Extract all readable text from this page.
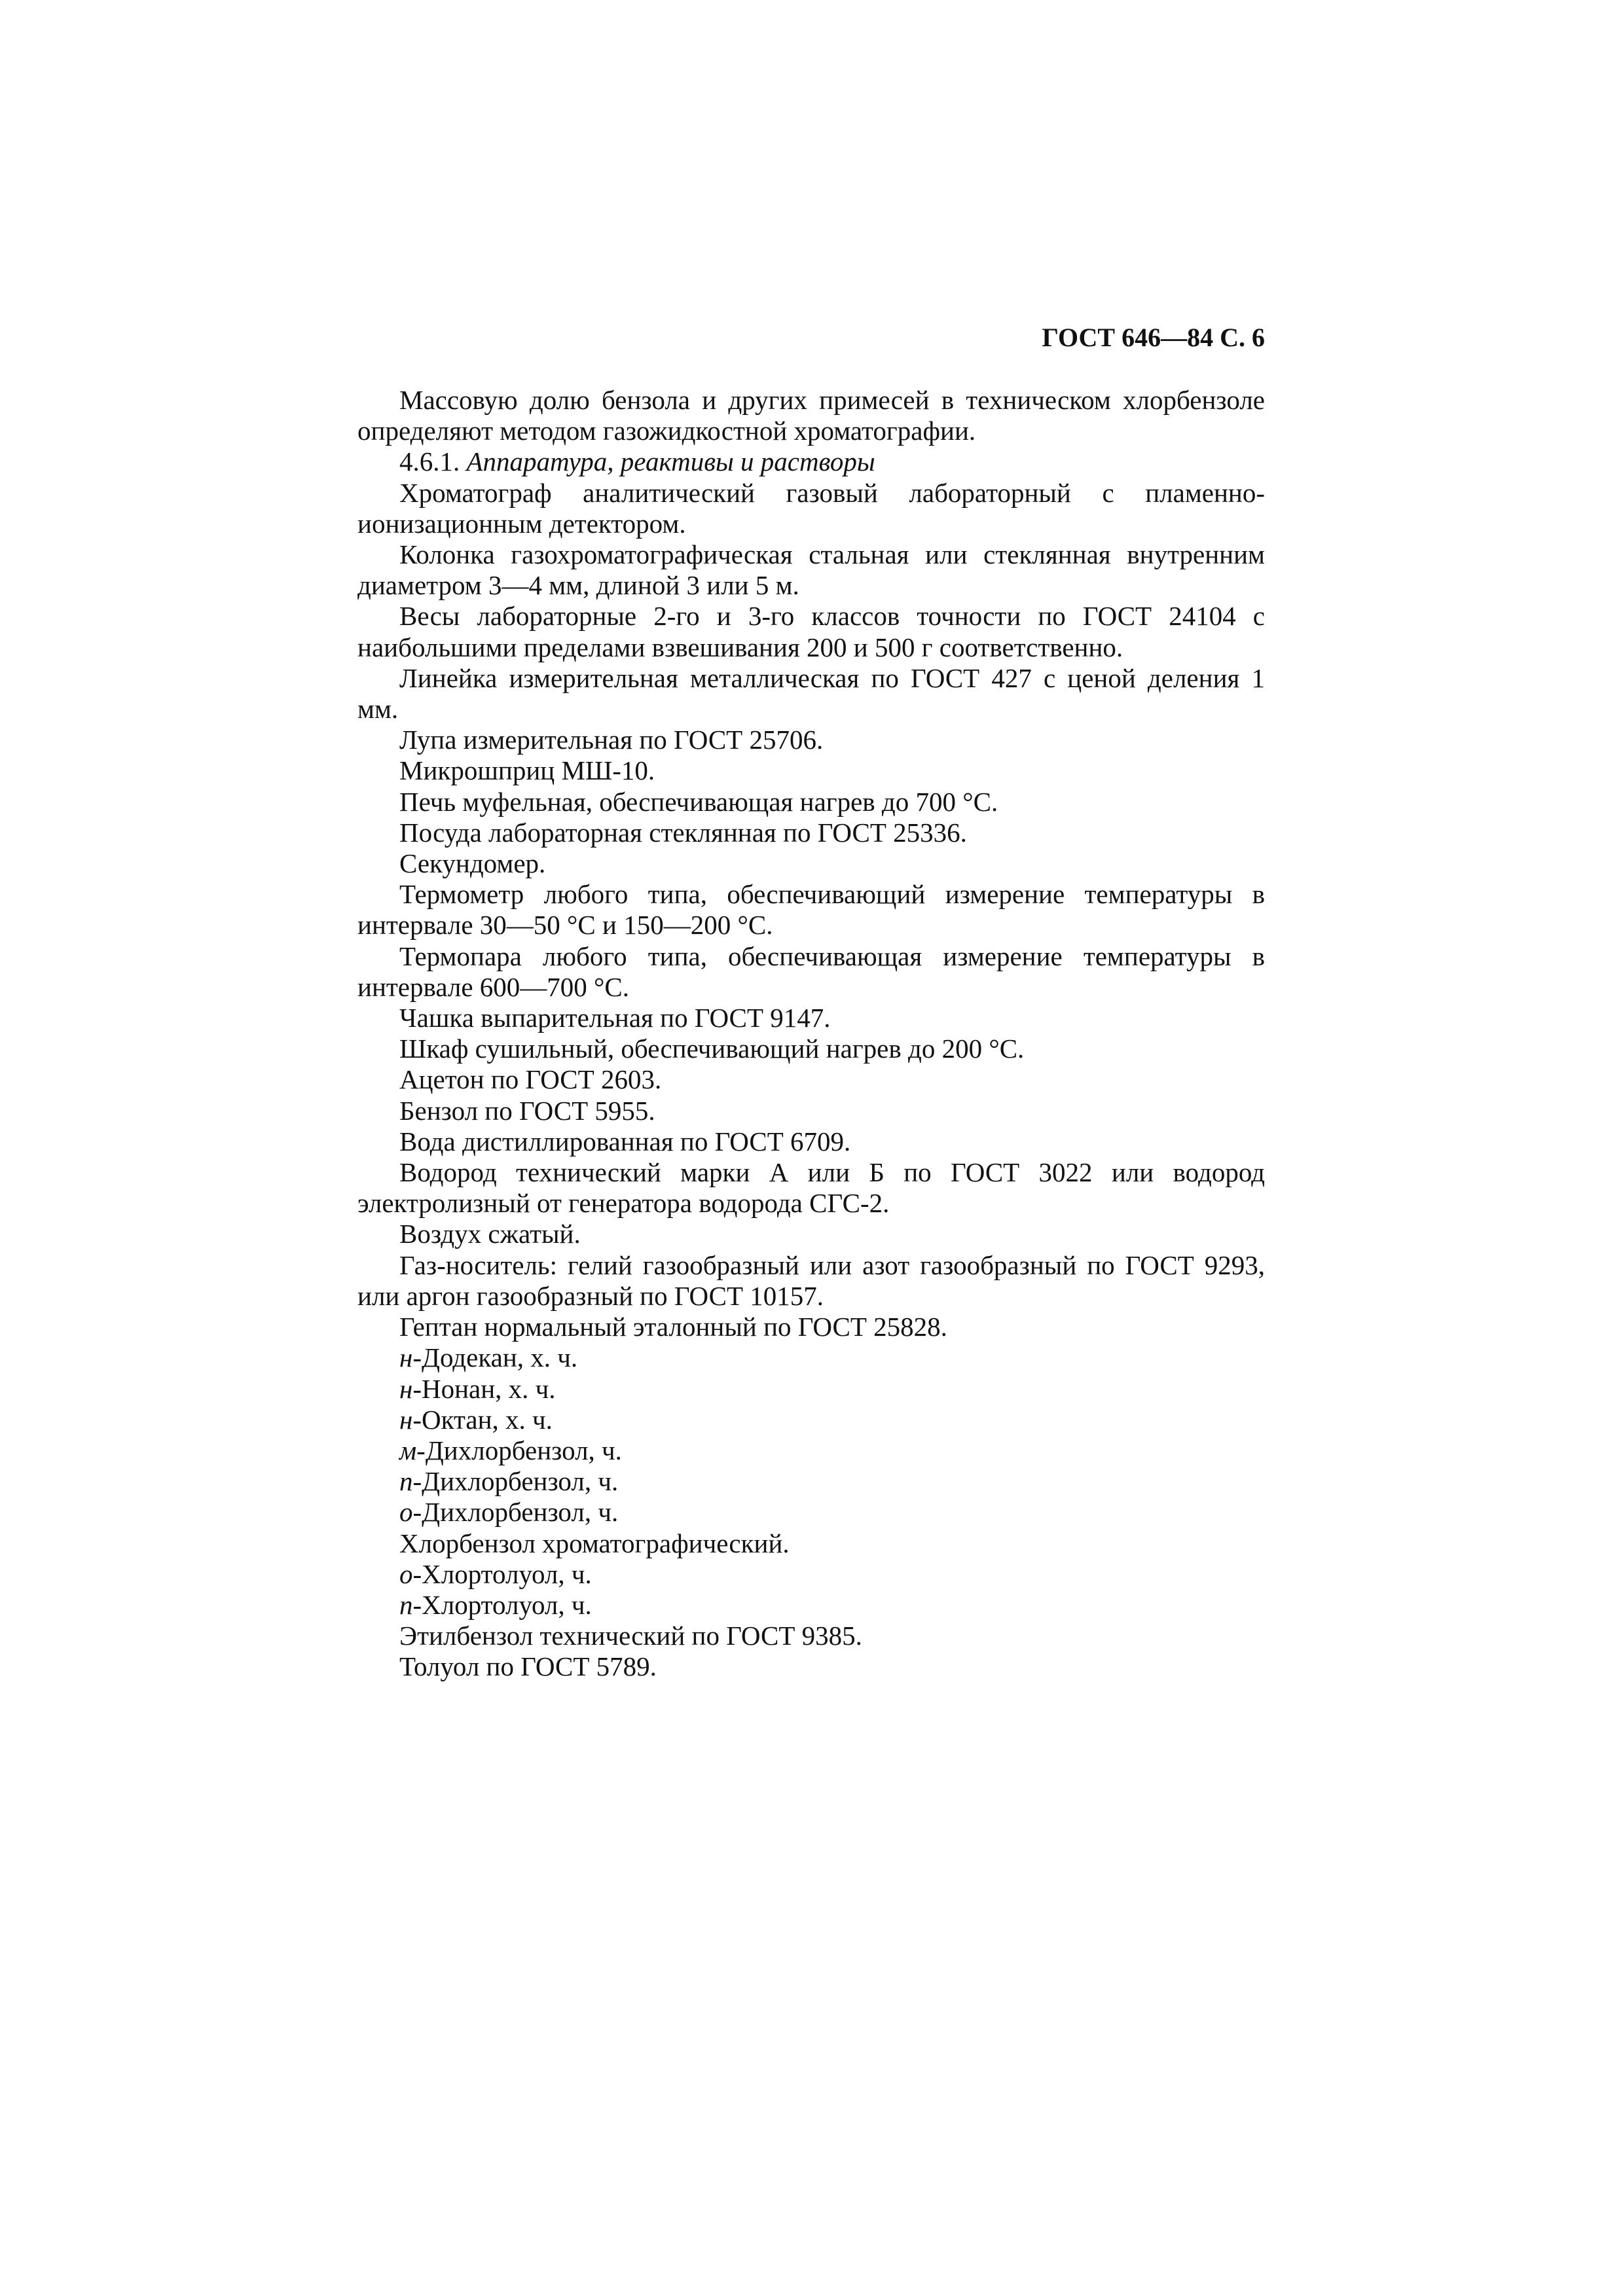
ГОСТ 646—84 С. 6

Массовую долю бензола и других примесей в техническом хлорбензоле определяют методом газожидкостной хроматографии.

4.6.1. Аппаратура, реактивы и растворы

Хроматограф аналитический газовый лабораторный с пламенно-ионизационным детектором.

Колонка газохроматографическая стальная или стеклянная внутренним диаметром 3—4 мм, длиной 3 или 5 м.

Весы лабораторные 2-го и 3-го классов точности по ГОСТ 24104 с наибольшими пределами взвешивания 200 и 500 г соответственно.

Линейка измерительная металлическая по ГОСТ 427 с ценой деления 1 мм.

Лупа измерительная по ГОСТ 25706.

Микрошприц МШ-10.

Печь муфельная, обеспечивающая нагрев до 700 °С.

Посуда лабораторная стеклянная по ГОСТ 25336.

Секундомер.

Термометр любого типа, обеспечивающий измерение температуры в интервале 30—50 °С и 150—200 °С.

Термопара любого типа, обеспечивающая измерение температуры в интервале 600—700 °С.

Чашка выпарительная по ГОСТ 9147.

Шкаф сушильный, обеспечивающий нагрев до 200 °С.

Ацетон по ГОСТ 2603.

Бензол по ГОСТ 5955.

Вода дистиллированная по ГОСТ 6709.

Водород технический марки А или Б по ГОСТ 3022 или водород электролизный от генератора водорода СГС-2.

Воздух сжатый.

Газ-носитель: гелий газообразный или азот газообразный по ГОСТ 9293, или аргон газообразный по ГОСТ 10157.

Гептан нормальный эталонный по ГОСТ 25828.

н-Додекан, х. ч.

н-Нонан, х. ч.

н-Октан, х. ч.

м-Дихлорбензол, ч.

п-Дихлорбензол, ч.

о-Дихлорбензол, ч.

Хлорбензол хроматографический.

о-Хлортолуол, ч.

п-Хлортолуол, ч.

Этилбензол технический по ГОСТ 9385.

Толуол по ГОСТ 5789.
